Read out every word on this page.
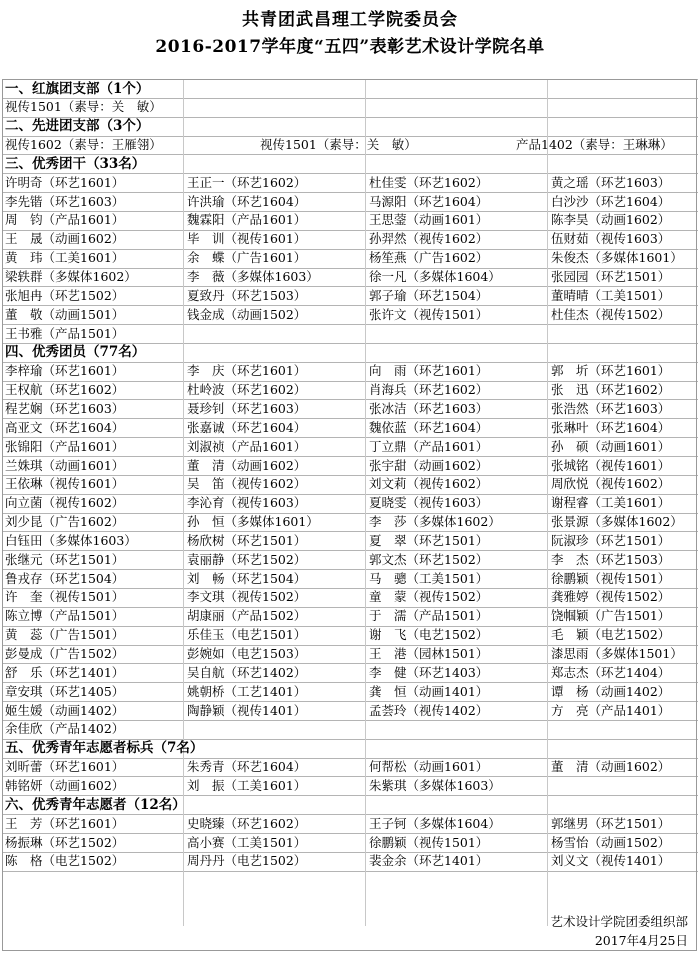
共青团武昌理工学院委员会
2016-2017学年度“五四”表彰艺术设计学院名单
一、红旗团支部（1个）
视传1501（素导：关　敏）
二、先进团支部（3个）
视传1602（素导：王雁翎）	视传1501（素导：关　敏）	产品1402（素导：王琳琳）
三、优秀团干（33名）
许明奇（环艺1601）	王正一（环艺1602）	杜佳雯（环艺1602）	黄之瑶（环艺1603）
李先锴（环艺1603）	许洪瑜（环艺1604）	马源阳（环艺1604）	白沙沙（环艺1604）
周　钧（产品1601）	魏霖阳（产品1601）	王思蓥（动画1601）	陈李昊（动画1602）
王　晟（动画1602）	毕　训（视传1601）	孙羿然（视传1602）	伍财茹（视传1603）
黄　玮（工美1601）	余　蝶（广告1601）	杨笙燕（广告1602）	朱俊杰（多媒体1601）
梁轶群（多媒体1602）	李　薇（多媒体1603）	徐一凡（多媒体1604）	张园园（环艺1501）
张旭冉（环艺1502）	夏致丹（环艺1503）	郭子瑜（环艺1504）	董晴晴（工美1501）
董　敬（动画1501）	钱金成（动画1502）	张许文（视传1501）	杜佳杰（视传1502）
王书雅（产品1501）
四、优秀团员（77名）
李梓瑜（环艺1601）	李　庆（环艺1601）	向　雨（环艺1601）	郭　圻（环艺1601）
王权航（环艺1602）	杜岭波（环艺1602）	肖海兵（环艺1602）	张　迅（环艺1602）
程艺娴（环艺1603）	聂珍钊（环艺1603）	张冰洁（环艺1603）	张浩然（环艺1603）
高亚文（环艺1604）	张嘉诚（环艺1604）	魏依蓝（环艺1604）	张琳叶（环艺1604）
张锦阳（产品1601）	刘淑祯（产品1601）	丁立鼎（产品1601）	孙　硕（动画1601）
兰姝琪（动画1601）	董　清（动画1602）	张宇甜（动画1602）	张城铭（视传1601）
王依琳（视传1601）	吴　笛（视传1602）	刘文莉（视传1602）	周欣悦（视传1602）
向立菌（视传1602）	李沁育（视传1603）	夏晓雯（视传1603）	谢程睿（工美1601）
刘少昆（广告1602）	孙　恒（多媒体1601）	李　莎（多媒体1602）	张景源（多媒体1602）
白钰田（多媒体1603）	杨欣树（环艺1501）	夏　翠（环艺1501）	阮淑珍（环艺1501）
张继元（环艺1501）	袁丽静（环艺1502）	郭文杰（环艺1502）	李　杰（环艺1503）
鲁戎存（环艺1504）	刘　畅（环艺1504）	马　骢（工美1501）	徐鹏颖（视传1501）
许　奎（视传1501）	李文琪（视传1502）	童　蒙（视传1502）	龚雅婷（视传1502）
陈立博（产品1501）	胡康丽（产品1502）	于　濡（产品1501）	饶帼颖（广告1501）
黄　蕊（广告1501）	乐佳玉（电艺1501）	谢　飞（电艺1502）	毛　颖（电艺1502）
彭曼成（广告1502）	彭婉如（电艺1503）	王　港（园林1501）	漆思雨（多媒体1501）
舒　乐（环艺1401）	吴自航（环艺1402）	李　健（环艺1403）	郑志杰（环艺1404）
章安琪（环艺1405）	姚朝桥（工艺1401）	龚　恒（动画1401）	谭　杨（动画1402）
姬生媛（动画1402）	陶静颖（视传1401）	孟荟玲（视传1402）	方　亮（产品1401）
余佳欣（产品1402）
五、优秀青年志愿者标兵（7名）
刘昕蕾（环艺1601）	朱秀青（环艺1604）	何帮松（动画1601）	董　清（动画1602）
韩铭妍（动画1602）	刘　振（工美1601）	朱紫琪（多媒体1603）
六、优秀青年志愿者（12名）
王　芳（环艺1601）	史晓臻（环艺1602）	王子钶（多媒体1604）	郭继男（环艺1501）
杨振琳（环艺1502）	高小赛（工美1501）	徐鹏颖（视传1501）	杨雪怡（动画1502）
陈　格（电艺1502）	周丹丹（电艺1502）	裴金余（环艺1401）	刘义文（视传1401）
艺术设计学院团委组织部
2017年4月25日
